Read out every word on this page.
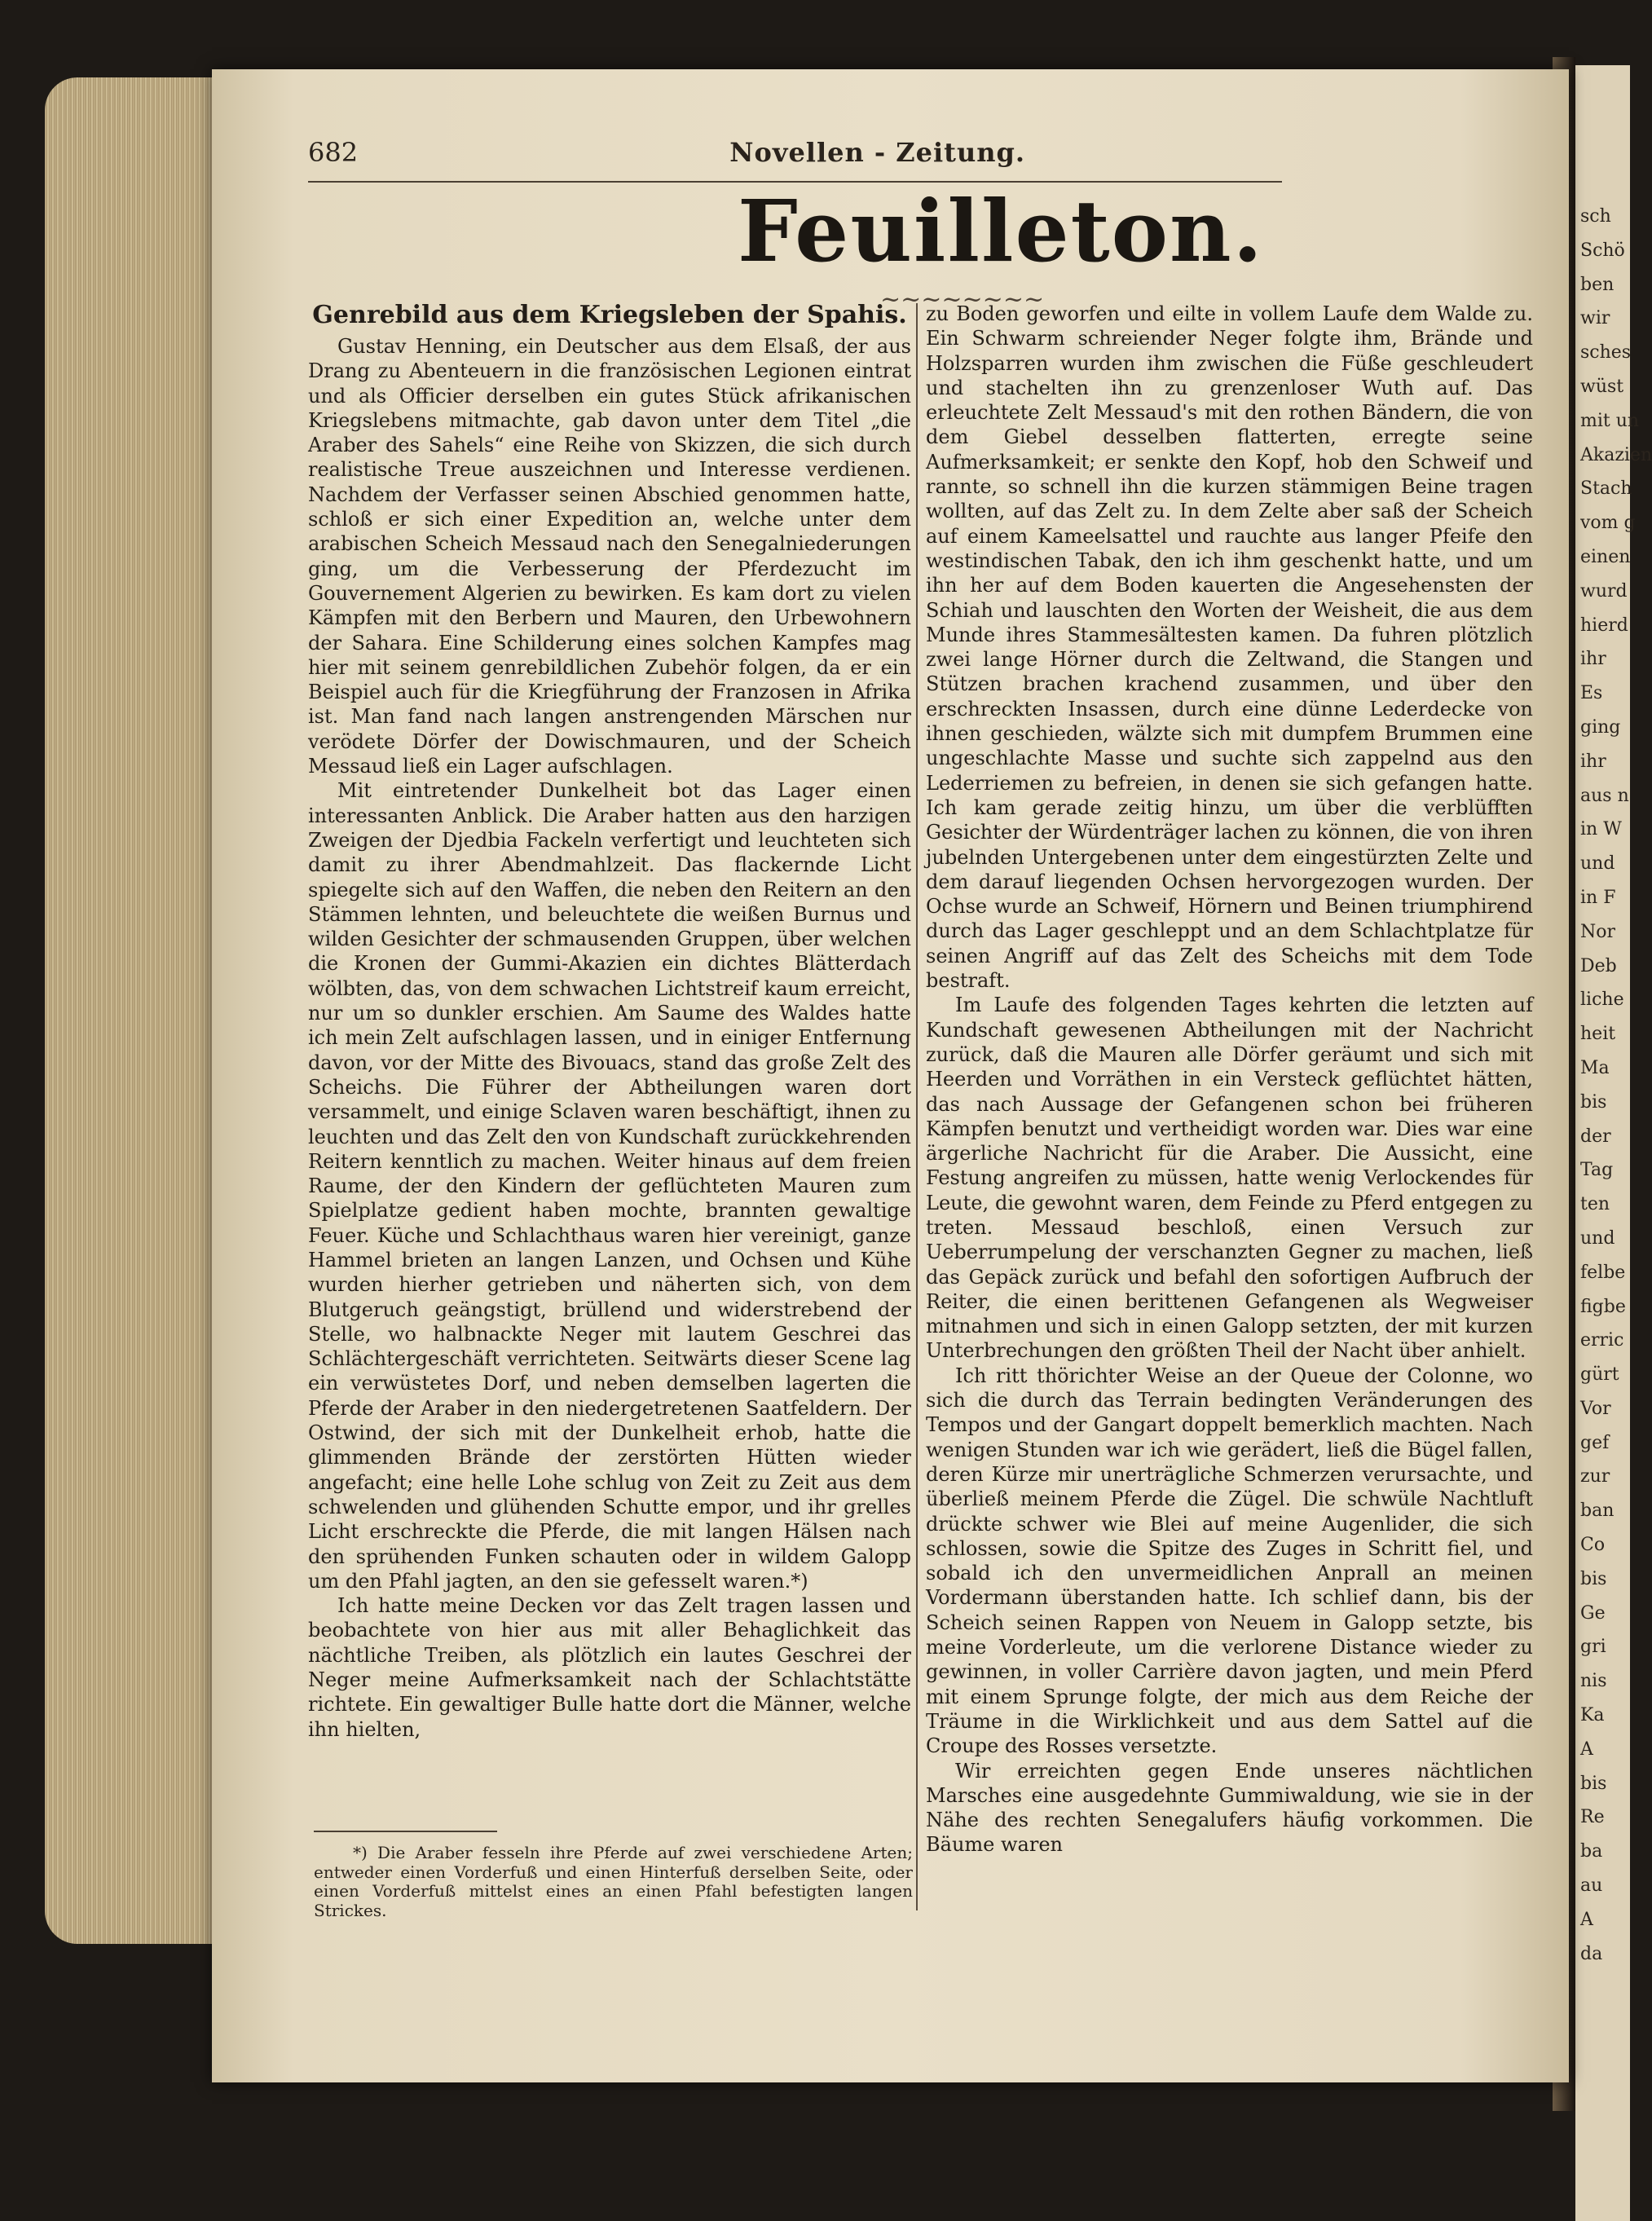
sch
Schö
ben
wir
sches
wüst
mit un
Akazien
Stach
vom g
einen
wurd
hierd
ihr
Es
ging
ihr
aus n
in W
und
in F
Nor
Deb
liche
heit
Ma
bis
der
Tag
ten
und
felbe
figbe
erric
gürt
Vor
gef
zur
ban
Co
bis
Ge
gri
nis
Ka
A
bis
Re
ba
au
A
da
682	Novellen - Zeitung.
Feuilleton.
~~~~~~~~

Genrebild aus dem Kriegsleben der Spahis.

Gustav Henning, ein Deutscher aus dem Elsaß, der aus Drang zu Abenteuern in die französischen Legionen eintrat und als Officier derselben ein gutes Stück afrikanischen Kriegslebens mitmachte, gab davon unter dem Titel „die Araber des Sahels“ eine Reihe von Skizzen, die sich durch realistische Treue auszeichnen und Interesse verdienen. Nachdem der Verfasser seinen Abschied genommen hatte, schloß er sich einer Expedition an, welche unter dem arabischen Scheich Messaud nach den Senegalniederungen ging, um die Verbesserung der Pferdezucht im Gouvernement Algerien zu bewirken. Es kam dort zu vielen Kämpfen mit den Berbern und Mauren, den Urbewohnern der Sahara. Eine Schilderung eines solchen Kampfes mag hier mit seinem genrebildlichen Zubehör folgen, da er ein Beispiel auch für die Kriegführung der Franzosen in Afrika ist. Man fand nach langen anstrengenden Märschen nur verödete Dörfer der Dowischmauren, und der Scheich Messaud ließ ein Lager aufschlagen.

Mit eintretender Dunkelheit bot das Lager einen interessanten Anblick. Die Araber hatten aus den harzigen Zweigen der Djedbia Fackeln verfertigt und leuchteten sich damit zu ihrer Abendmahlzeit. Das flackernde Licht spiegelte sich auf den Waffen, die neben den Reitern an den Stämmen lehnten, und beleuchtete die weißen Burnus und wilden Gesichter der schmausenden Gruppen, über welchen die Kronen der Gummi-Akazien ein dichtes Blätterdach wölbten, das, von dem schwachen Lichtstreif kaum erreicht, nur um so dunkler erschien. Am Saume des Waldes hatte ich mein Zelt aufschlagen lassen, und in einiger Entfernung davon, vor der Mitte des Bivouacs, stand das große Zelt des Scheichs. Die Führer der Abtheilungen waren dort versammelt, und einige Sclaven waren beschäftigt, ihnen zu leuchten und das Zelt den von Kundschaft zurückkehrenden Reitern kenntlich zu machen. Weiter hinaus auf dem freien Raume, der den Kindern der geflüchteten Mauren zum Spielplatze gedient haben mochte, brannten gewaltige Feuer. Küche und Schlachthaus waren hier vereinigt, ganze Hammel brieten an langen Lanzen, und Ochsen und Kühe wurden hierher getrieben und näherten sich, von dem Blutgeruch geängstigt, brüllend und widerstrebend der Stelle, wo halbnackte Neger mit lautem Geschrei das Schlächtergeschäft verrichteten. Seitwärts dieser Scene lag ein verwüstetes Dorf, und neben demselben lagerten die Pferde der Araber in den niedergetretenen Saatfeldern. Der Ostwind, der sich mit der Dunkelheit erhob, hatte die glimmenden Brände der zerstörten Hütten wieder angefacht; eine helle Lohe schlug von Zeit zu Zeit aus dem schwelenden und glühenden Schutte empor, und ihr grelles Licht erschreckte die Pferde, die mit langen Hälsen nach den sprühenden Funken schauten oder in wildem Galopp um den Pfahl jagten, an den sie gefesselt waren.*)

Ich hatte meine Decken vor das Zelt tragen lassen und beobachtete von hier aus mit aller Behaglichkeit das nächtliche Treiben, als plötzlich ein lautes Geschrei der Neger meine Aufmerksamkeit nach der Schlachtstätte richtete. Ein gewaltiger Bulle hatte dort die Männer, welche ihn hielten,

zu Boden geworfen und eilte in vollem Laufe dem Walde zu. Ein Schwarm schreiender Neger folgte ihm, Brände und Holzsparren wurden ihm zwischen die Füße geschleudert und stachelten ihn zu grenzenloser Wuth auf. Das erleuchtete Zelt Messaud's mit den rothen Bändern, die von dem Giebel desselben flatterten, erregte seine Aufmerksamkeit; er senkte den Kopf, hob den Schweif und rannte, so schnell ihn die kurzen stämmigen Beine tragen wollten, auf das Zelt zu. In dem Zelte aber saß der Scheich auf einem Kameelsattel und rauchte aus langer Pfeife den westindischen Tabak, den ich ihm geschenkt hatte, und um ihn her auf dem Boden kauerten die Angesehensten der Schiah und lauschten den Worten der Weisheit, die aus dem Munde ihres Stammesältesten kamen. Da fuhren plötzlich zwei lange Hörner durch die Zeltwand, die Stangen und Stützen brachen krachend zusammen, und über den erschreckten Insassen, durch eine dünne Lederdecke von ihnen geschieden, wälzte sich mit dumpfem Brummen eine ungeschlachte Masse und suchte sich zappelnd aus den Lederriemen zu befreien, in denen sie sich gefangen hatte. Ich kam gerade zeitig hinzu, um über die verblüfften Gesichter der Würdenträger lachen zu können, die von ihren jubelnden Untergebenen unter dem eingestürzten Zelte und dem darauf liegenden Ochsen hervorgezogen wurden. Der Ochse wurde an Schweif, Hörnern und Beinen triumphirend durch das Lager geschleppt und an dem Schlachtplatze für seinen Angriff auf das Zelt des Scheichs mit dem Tode bestraft.

Im Laufe des folgenden Tages kehrten die letzten auf Kundschaft gewesenen Abtheilungen mit der Nachricht zurück, daß die Mauren alle Dörfer geräumt und sich mit Heerden und Vorräthen in ein Versteck geflüchtet hätten, das nach Aussage der Gefangenen schon bei früheren Kämpfen benutzt und vertheidigt worden war. Dies war eine ärgerliche Nachricht für die Araber. Die Aussicht, eine Festung angreifen zu müssen, hatte wenig Verlockendes für Leute, die gewohnt waren, dem Feinde zu Pferd entgegen zu treten. Messaud beschloß, einen Versuch zur Ueberrumpelung der verschanzten Gegner zu machen, ließ das Gepäck zurück und befahl den sofortigen Aufbruch der Reiter, die einen berittenen Gefangenen als Wegweiser mitnahmen und sich in einen Galopp setzten, der mit kurzen Unterbrechungen den größten Theil der Nacht über anhielt.

Ich ritt thörichter Weise an der Queue der Colonne, wo sich die durch das Terrain bedingten Veränderungen des Tempos und der Gangart doppelt bemerklich machten. Nach wenigen Stunden war ich wie gerädert, ließ die Bügel fallen, deren Kürze mir unerträgliche Schmerzen verursachte, und überließ meinem Pferde die Zügel. Die schwüle Nachtluft drückte schwer wie Blei auf meine Augenlider, die sich schlossen, sowie die Spitze des Zuges in Schritt fiel, und sobald ich den unvermeidlichen Anprall an meinen Vordermann überstanden hatte. Ich schlief dann, bis der Scheich seinen Rappen von Neuem in Galopp setzte, bis meine Vorderleute, um die verlorene Distance wieder zu gewinnen, in voller Carrière davon jagten, und mein Pferd mit einem Sprunge folgte, der mich aus dem Reiche der Träume in die Wirklichkeit und aus dem Sattel auf die Croupe des Rosses versetzte.

Wir erreichten gegen Ende unseres nächtlichen Marsches eine ausgedehnte Gummiwaldung, wie sie in der Nähe des rechten Senegalufers häufig vorkommen. Die Bäume waren

*) Die Araber fesseln ihre Pferde auf zwei verschiedene Arten; entweder einen Vorderfuß und einen Hinterfuß derselben Seite, oder einen Vorderfuß mittelst eines an einen Pfahl befestigten langen Strickes.
